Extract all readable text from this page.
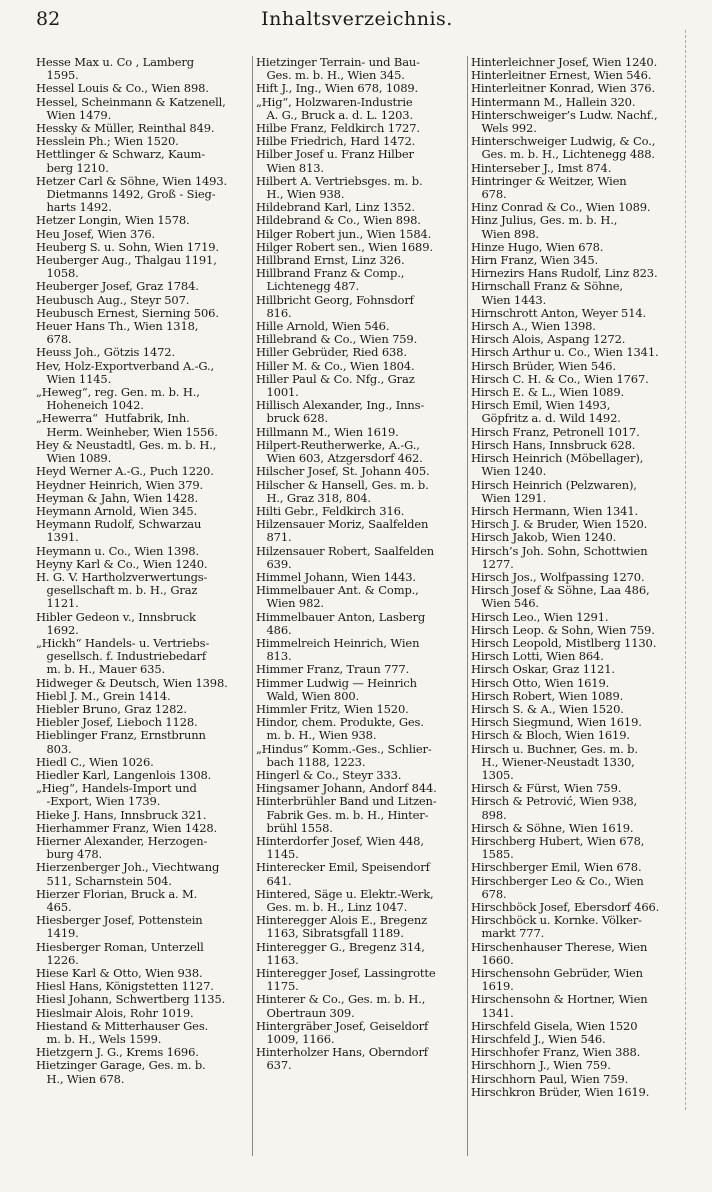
82	Inhaltsverzeichnis.
Hesse Max u. Co , Lamberg
1595.
Hessel Louis & Co., Wien 898.
Hessel, Scheinmann & Katzenell,
Wien 1479.
Hessky & Müller, Reinthal 849.
Hesslein Ph.; Wien 1520.
Hettlinger & Schwarz, Kaum-
berg 1210.
Hetzer Carl & Söhne, Wien 1493.
Dietmanns 1492, Groß - Sieg-
harts 1492.
Hetzer Longin, Wien 1578.
Heu Josef, Wien 376.
Heuberg S. u. Sohn, Wien 1719.
Heuberger Aug., Thalgau 1191,
1058.
Heuberger Josef, Graz 1784.
Heubusch Aug., Steyr 507.
Heubusch Ernest, Sierning 506.
Heuer Hans Th., Wien 1318,
678.
Heuss Joh., Götzis 1472.
Hev, Holz-Exportverband A.-G.,
Wien 1145.
„Heweg“, reg. Gen. m. b. H.,
Hoheneich 1042.
„Hewerra“  Hutfabrik, Inh.
Herm. Weinheber, Wien 1556.
Hey & Neustadtl, Ges. m. b. H.,
Wien 1089.
Heyd Werner A.-G., Puch 1220.
Heydner Heinrich, Wien 379.
Heyman & Jahn, Wien 1428.
Heymann Arnold, Wien 345.
Heymann Rudolf, Schwarzau
1391.
Heymann u. Co., Wien 1398.
Heyny Karl & Co., Wien 1240.
H. G. V. Hartholzverwertungs-
gesellschaft m. b. H., Graz
1121.
Hibler Gedeon v., Innsbruck
1692.
„Hickh“ Handels- u. Vertriebs-
gesellsch. f. Industriebedarf
m. b. H., Mauer 635.
Hidweger & Deutsch, Wien 1398.
Hiebl J. M., Grein 1414.
Hiebler Bruno, Graz 1282.
Hiebler Josef, Lieboch 1128.
Hieblinger Franz, Ernstbrunn
803.
Hiedl C., Wien 1026.
Hiedler Karl, Langenlois 1308.
„Hieg“, Handels-Import und
-Export, Wien 1739.
Hieke J. Hans, Innsbruck 321.
Hierhammer Franz, Wien 1428.
Hierner Alexander, Herzogen-
burg 478.
Hierzenberger Joh., Viechtwang
511, Scharnstein 504.
Hierzer Florian, Bruck a. M.
465.
Hiesberger Josef, Pottenstein
1419.
Hiesberger Roman, Unterzell
1226.
Hiese Karl & Otto, Wien 938.
Hiesl Hans, Königstetten 1127.
Hiesl Johann, Schwertberg 1135.
Hieslmair Alois, Rohr 1019.
Hiestand & Mitterhauser Ges.
m. b. H., Wels 1599.
Hietzgern J. G., Krems 1696.
Hietzinger Garage, Ges. m. b.
H., Wien 678.
Hietzinger Terrain- und Bau-
Ges. m. b. H., Wien 345.
Hift J., Ing., Wien 678, 1089.
„Hig“, Holzwaren-Industrie
A. G., Bruck a. d. L. 1203.
Hilbe Franz, Feldkirch 1727.
Hilbe Friedrich, Hard 1472.
Hilber Josef u. Franz Hilber
Wien 813.
Hilbert A. Vertriebsges. m. b.
H., Wien 938.
Hildebrand Karl, Linz 1352.
Hildebrand & Co., Wien 898.
Hilger Robert jun., Wien 1584.
Hilger Robert sen., Wien 1689.
Hillbrand Ernst, Linz 326.
Hillbrand Franz & Comp.,
Lichtenegg 487.
Hillbricht Georg, Fohnsdorf
816.
Hille Arnold, Wien 546.
Hillebrand & Co., Wien 759.
Hiller Gebrüder, Ried 638.
Hiller M. & Co., Wien 1804.
Hiller Paul & Co. Nfg., Graz
1001.
Hillisch Alexander, Ing., Inns-
bruck 628.
Hillmann M., Wien 1619.
Hilpert-Reutherwerke, A.-G.,
Wien 603, Atzgersdorf 462.
Hilscher Josef, St. Johann 405.
Hilscher & Hansell, Ges. m. b.
H., Graz 318, 804.
Hilti Gebr., Feldkirch 316.
Hilzensauer Moriz, Saalfelden
871.
Hilzensauer Robert, Saalfelden
639.
Himmel Johann, Wien 1443.
Himmelbauer Ant. & Comp.,
Wien 982.
Himmelbauer Anton, Lasberg
486.
Himmelreich Heinrich, Wien
813.
Himmer Franz, Traun 777.
Himmer Ludwig — Heinrich
Wald, Wien 800.
Himmler Fritz, Wien 1520.
Hindor, chem. Produkte, Ges.
m. b. H., Wien 938.
„Hindus“ Komm.-Ges., Schlier-
bach 1188, 1223.
Hingerl & Co., Steyr 333.
Hingsamer Johann, Andorf 844.
Hinterbrühler Band und Litzen-
Fabrik Ges. m. b. H., Hinter-
brühl 1558.
Hinterdorfer Josef, Wien 448,
1145.
Hinterecker Emil, Speisendorf
641.
Hintered, Säge u. Elektr.-Werk,
Ges. m. b. H., Linz 1047.
Hinteregger Alois E., Bregenz
1163, Sibratsgfall 1189.
Hinteregger G., Bregenz 314,
1163.
Hinteregger Josef, Lassingrotte
1175.
Hinterer & Co., Ges. m. b. H.,
Obertraun 309.
Hintergräber Josef, Geiseldorf
1009, 1166.
Hinterholzer Hans, Oberndorf
637.
Hinterleichner Josef, Wien 1240.
Hinterleitner Ernest, Wien 546.
Hinterleitner Konrad, Wien 376.
Hintermann M., Hallein 320.
Hinterschweiger’s Ludw. Nachf.,
Wels 992.
Hinterschweiger Ludwig, & Co.,
Ges. m. b. H., Lichtenegg 488.
Hinterseber J., Imst 874.
Hintringer & Weitzer, Wien
678.
Hinz Conrad & Co., Wien 1089.
Hinz Julius, Ges. m. b. H.,
Wien 898.
Hinze Hugo, Wien 678.
Hirn Franz, Wien 345.
Hirnezirs Hans Rudolf, Linz 823.
Hirnschall Franz & Söhne,
Wien 1443.
Hirnschrott Anton, Weyer 514.
Hirsch A., Wien 1398.
Hirsch Alois, Aspang 1272.
Hirsch Arthur u. Co., Wien 1341.
Hirsch Brüder, Wien 546.
Hirsch C. H. & Co., Wien 1767.
Hirsch E. & L., Wien 1089.
Hirsch Emil, Wien 1493,
Göpfritz a. d. Wild 1492.
Hirsch Franz, Petronell 1017.
Hirsch Hans, Innsbruck 628.
Hirsch Heinrich (Möbellager),
Wien 1240.
Hirsch Heinrich (Pelzwaren),
Wien 1291.
Hirsch Hermann, Wien 1341.
Hirsch J. & Bruder, Wien 1520.
Hirsch Jakob, Wien 1240.
Hirsch’s Joh. Sohn, Schottwien
1277.
Hirsch Jos., Wolfpassing 1270.
Hirsch Josef & Söhne, Laa 486,
Wien 546.
Hirsch Leo., Wien 1291.
Hirsch Leop. & Sohn, Wien 759.
Hirsch Leopold, Mistlberg 1130.
Hirsch Lotti, Wien 864.
Hirsch Oskar, Graz 1121.
Hirsch Otto, Wien 1619.
Hirsch Robert, Wien 1089.
Hirsch S. & A., Wien 1520.
Hirsch Siegmund, Wien 1619.
Hirsch & Bloch, Wien 1619.
Hirsch u. Buchner, Ges. m. b.
H., Wiener-Neustadt 1330,
1305.
Hirsch & Fürst, Wien 759.
Hirsch & Petrović, Wien 938,
898.
Hirsch & Söhne, Wien 1619.
Hirschberg Hubert, Wien 678,
1585.
Hirschberger Emil, Wien 678.
Hirschberger Leo & Co., Wien
678.
Hirschböck Josef, Ebersdorf 466.
Hirschböck u. Kornke. Völker-
markt 777.
Hirschenhauser Therese, Wien
1660.
Hirschensohn Gebrüder, Wien
1619.
Hirschensohn & Hortner, Wien
1341.
Hirschfeld Gisela, Wien 1520
Hirschfeld J., Wien 546.
Hirschhofer Franz, Wien 388.
Hirschhorn J., Wien 759.
Hirschhorn Paul, Wien 759.
Hirschkron Brüder, Wien 1619.
